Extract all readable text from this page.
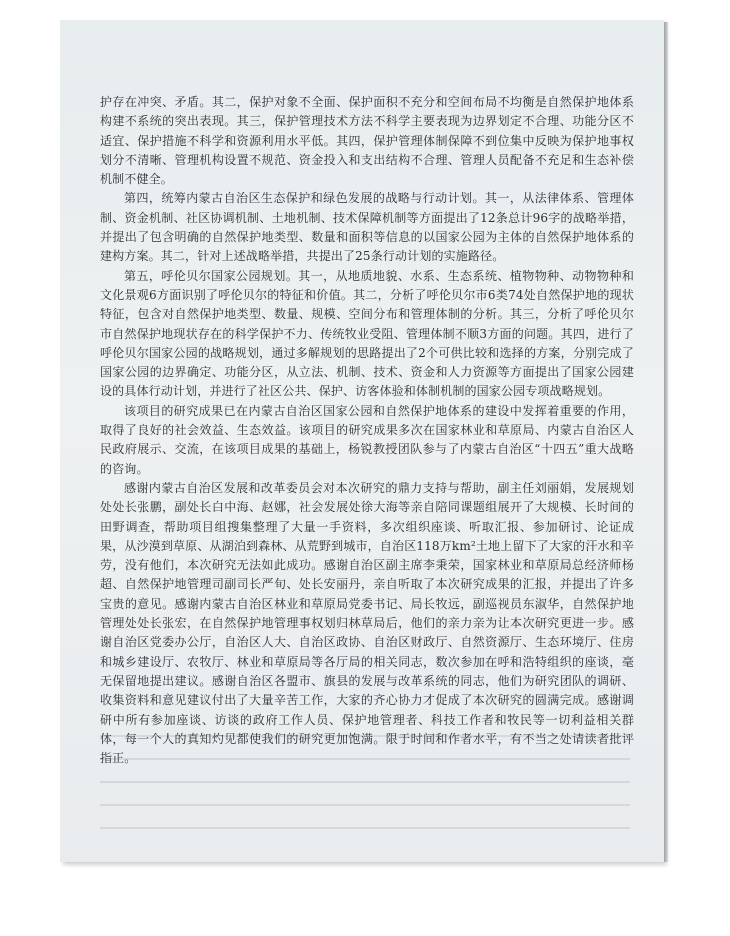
护存在冲突、矛盾。其二，保护对象不全面、保护面积不充分和空间布局不均衡是自然保护地体系构建不系统的突出表现。其三，保护管理技术方法不科学主要表现为边界划定不合理、功能分区不适宜、保护措施不科学和资源利用水平低。其四，保护管理体制保障不到位集中反映为保护地事权划分不清晰、管理机构设置不规范、资金投入和支出结构不合理、管理人员配备不充足和生态补偿机制不健全。

第四，统筹内蒙古自治区生态保护和绿色发展的战略与行动计划。其一，从法律体系、管理体制、资金机制、社区协调机制、土地机制、技术保障机制等方面提出了12条总计96字的战略举措，并提出了包含明确的自然保护地类型、数量和面积等信息的以国家公园为主体的自然保护地体系的建构方案。其二，针对上述战略举措，共提出了25条行动计划的实施路径。

第五，呼伦贝尔国家公园规划。其一，从地质地貌、水系、生态系统、植物物种、动物物种和文化景观6方面识别了呼伦贝尔的特征和价值。其二，分析了呼伦贝尔市6类74处自然保护地的现状特征，包含对自然保护地类型、数量、规模、空间分布和管理体制的分析。其三，分析了呼伦贝尔市自然保护地现状存在的科学保护不力、传统牧业受阻、管理体制不顺3方面的问题。其四，进行了呼伦贝尔国家公园的战略规划，通过多解规划的思路提出了2个可供比较和选择的方案，分别完成了国家公园的边界确定、功能分区，从立法、机制、技术、资金和人力资源等方面提出了国家公园建设的具体行动计划，并进行了社区公共、保护、访客体验和体制机制的国家公园专项战略规划。

该项目的研究成果已在内蒙古自治区国家公园和自然保护地体系的建设中发挥着重要的作用，取得了良好的社会效益、生态效益。该项目的研究成果多次在国家林业和草原局、内蒙古自治区人民政府展示、交流，在该项目成果的基础上，杨锐教授团队参与了内蒙古自治区“十四五”重大战略的咨询。

感谢内蒙古自治区发展和改革委员会对本次研究的鼎力支持与帮助，副主任刘丽娟，发展规划处处长张鹏，副处长白中海、赵娜，社会发展处徐大海等亲自陪同课题组展开了大规模、长时间的田野调查，帮助项目组搜集整理了大量一手资料，多次组织座谈、听取汇报、参加研讨、论证成果，从沙漠到草原、从湖泊到森林、从荒野到城市，自治区118万km²土地上留下了大家的汗水和辛劳，没有他们，本次研究无法如此成功。感谢自治区副主席李秉荣，国家林业和草原局总经济师杨超、自然保护地管理司副司长严旬、处长安丽丹，亲自听取了本次研究成果的汇报，并提出了许多宝贵的意见。感谢内蒙古自治区林业和草原局党委书记、局长牧远，副巡视员东淑华，自然保护地管理处处长张宏，在自然保护地管理事权划归林草局后，他们的亲力亲为让本次研究更进一步。感谢自治区党委办公厅，自治区人大、自治区政协、自治区财政厅、自然资源厅、生态环境厅、住房和城乡建设厅、农牧厅、林业和草原局等各厅局的相关同志，数次参加在呼和浩特组织的座谈，毫无保留地提出建议。感谢自治区各盟市、旗县的发展与改革系统的同志，他们为研究团队的调研、收集资料和意见建议付出了大量辛苦工作，大家的齐心协力才促成了本次研究的圆满完成。感谢调研中所有参加座谈、访谈的政府工作人员、保护地管理者、科技工作者和牧民等一切利益相关群体，每一个人的真知灼见都使我们的研究更加饱满。限于时间和作者水平，有不当之处请读者批评指正。
